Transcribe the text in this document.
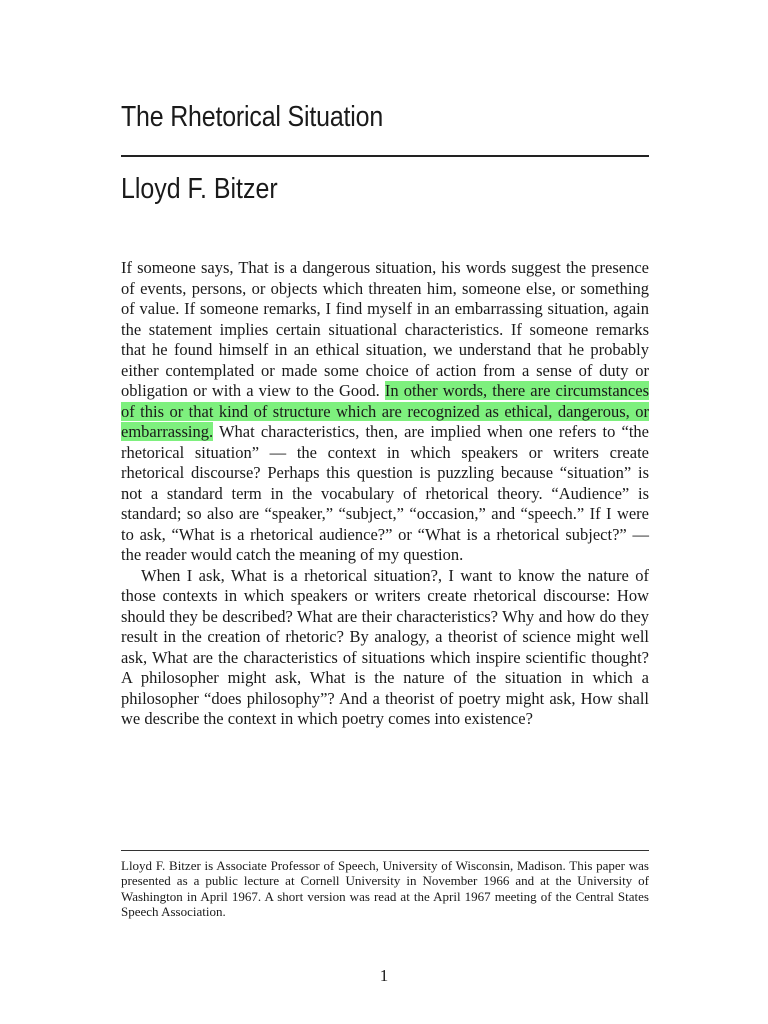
The Rhetorical Situation
Lloyd F. Bitzer

If someone says, That is a dangerous situation, his words suggest the presence of events, persons, or objects which threaten him, someone else, or something of value. If someone remarks, I find myself in an embarrassing situation, again the statement implies certain situational characteristics. If someone remarks that he found himself in an ethical situation, we understand that he probably either contemplated or made some choice of action from a sense of duty or obligation or with a view to the Good. In other words, there are circumstances of this or that kind of structure which are recognized as ethical, dangerous, or embarrassing. What characteristics, then, are implied when one refers to “the rhetorical situation” — the context in which speakers or writers create rhetorical discourse? Perhaps this question is puzzling because “situation” is not a standard term in the vocabulary of rhetorical theory. “Audience” is standard; so also are “speaker,” “subject,” “occasion,” and “speech.” If I were to ask, “What is a rhetorical audience?” or “What is a rhetorical subject?” — the reader would catch the meaning of my question.

When I ask, What is a rhetorical situation?, I want to know the nature of those contexts in which speakers or writers create rhetorical discourse: How should they be described? What are their characteristics? Why and how do they result in the creation of rhetoric? By analogy, a theorist of science might well ask, What are the characteristics of situations which inspire scientific thought? A philosopher might ask, What is the nature of the situation in which a philosopher “does philosophy”? And a theorist of poetry might ask, How shall we describe the context in which poetry comes into existence?

Lloyd F. Bitzer is Associate Professor of Speech, University of Wisconsin, Madison. This paper was presented as a public lecture at Cornell University in November 1966 and at the University of Washington in April 1967. A short version was read at the April 1967 meeting of the Central States Speech Association.

1
